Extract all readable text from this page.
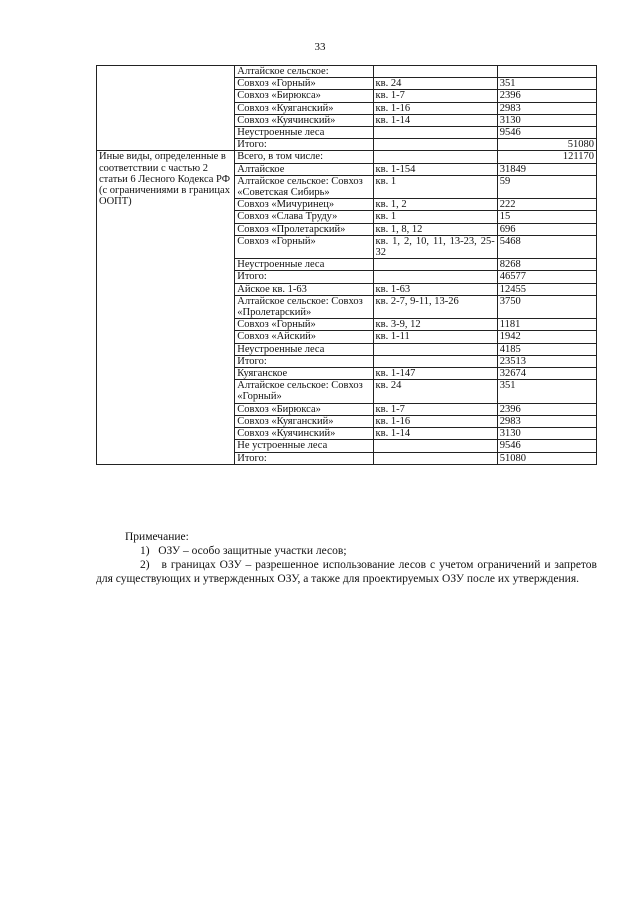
33
	Алтайское сельское:		
	Совхоз «Горный»	кв. 24	351
	Совхоз «Бирюкса»	кв. 1-7	2396
	Совхоз «Куяганский»	кв. 1-16	2983
	Совхоз «Куячинский»	кв. 1-14	3130
	Неустроенные леса		9546
	Итого:		51080
Иные виды, определенные в соответствии с частью 2 статьи 6 Лесного Кодекса РФ
(с ограничениями в границах ООПТ)	Всего, в том числе:		121170
	Алтайское	кв. 1-154	31849
	Алтайское сельское: Совхоз «Советская Сибирь»	кв. 1	59
	Совхоз «Мичуринец»	кв. 1, 2	222
	Совхоз «Слава Труду»	кв. 1	15
	Совхоз «Пролетарский»	кв. 1, 8, 12	696
	Совхоз «Горный»	кв. 1, 2, 10, 11, 13-23, 25-32	5468
	Неустроенные леса		8268
	Итого:		46577
	Айское кв. 1-63	кв. 1-63	12455
	Алтайское сельское: Совхоз «Пролетарский»	кв. 2-7, 9-11, 13-26	3750
	Совхоз «Горный»	кв. 3-9, 12	1181
	Совхоз «Айский»	кв. 1-11	1942
	Неустроенные леса		4185
	Итого:		23513
	Куяганское	кв. 1-147	32674
	Алтайское сельское: Совхоз «Горный»	кв. 24	351
	Совхоз «Бирюкса»	кв. 1-7	2396
	Совхоз «Куяганский»	кв. 1-16	2983
	Совхоз «Куячинский»	кв. 1-14	3130
	Не устроенные леса		9546
	Итого:		51080

Примечание:

1)   ОЗУ – особо защитные участки лесов;

2)   в границах ОЗУ – разрешенное использование лесов с учетом ограничений и запретов для существующих и утвержденных ОЗУ, а также для проектируемых ОЗУ после их утверждения.
